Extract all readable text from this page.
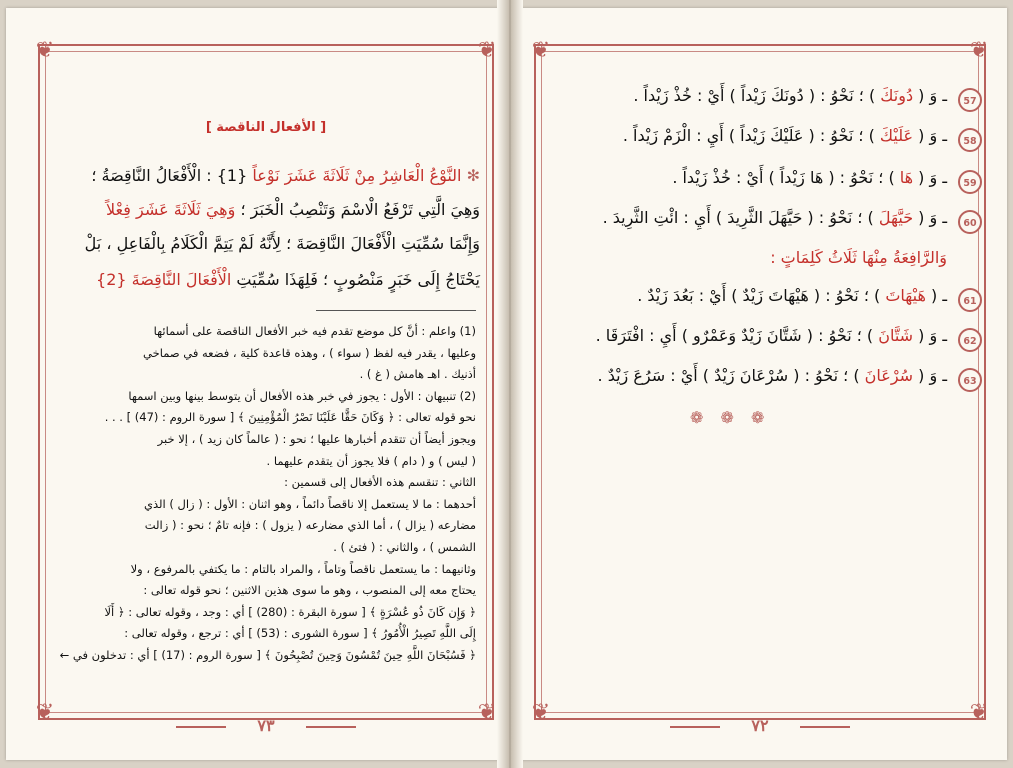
❦	❦
❦	❦
[ الأفعال الناقصة ]
✻ النَّوْعُ الْعَاشِرُ مِنْ ثَلَاثَةَ عَشَرَ نَوْعاً {1} : الْأَفْعَالُ النَّاقِصَةُ ؛
وَهِيَ الَّتِي تَرْفَعُ الْاسْمَ وَتَنْصِبُ الْخَبَرَ ؛ وَهِيَ ثَلَاثَةَ عَشَرَ فِعْلاً
وَإِنَّمَا سُمِّيَتِ الْأَفْعَالَ النَّاقِصَةَ ؛ لِأَنَّهُ لَمْ يَتِمَّ الْكَلَامُ بِالْفَاعِلِ ، بَلْ
يَحْتَاجُ إِلَى خَبَرٍ مَنْصُوبٍ ؛ فَلِهَذَا سُمِّيَتِ الْأَفْعَالَ النَّاقِصَةَ {2}
٧٣
(1) واعلم : أنَّ كل موضع تقدم فيه خبر الأفعال الناقصة على أسمائها
وعليها ، يقدر فيه لفظ ( سواء ) ، وهذه قاعدة كلية ، فضعه في صماخي
أذنيك . اهـ هامش ( غ ) .
(2) تنبيهان : الأول : يجوز في خبر هذه الأفعال أن يتوسط بينها وبين اسمها
نحو قوله تعالى : ﴿ وَكَانَ حَقًّا عَلَيْنَا نَصْرُ الْمُؤْمِنِينَ ﴾ [ سورة الروم : (47) ] . . .
ويجوز أيضاً أن تتقدم أخبارها عليها ؛ نحو : ( عالماً كان زيد ) ، إلا خبر
( ليس ) و ( دام ) فلا يجوز أن يتقدم عليهما .
الثاني : تنقسم هذه الأفعال إلى قسمين :
أحدهما : ما لا يستعمل إلا ناقصاً دائماً ، وهو اثنان : الأول : ( زال ) الذي
مضارعه ( يزال ) ، أما الذي مضارعه ( يزول ) : فإنه تامٌ ؛ نحو : ( زالت
الشمس ) ، والثاني : ( فتئ ) .
وثانيهما : ما يستعمل ناقصاً وتاماً ، والمراد بالتام : ما يكتفي بالمرفوع ، ولا
يحتاج معه إلى المنصوب ، وهو ما سوى هذين الاثنين ؛ نحو قوله تعالى :
﴿ وَإِن كَانَ ذُو عُسْرَةٍ ﴾ [ سورة البقرة : (280) ] أي : وجد ، وقوله تعالى : ﴿ أَلَا
إِلَى اللَّهِ تَصِيرُ الْأُمُورُ ﴾ [ سورة الشورى : (53) ] أي : ترجع ، وقوله تعالى :
﴿ فَسُبْحَانَ اللَّهِ حِينَ تُمْسُونَ وَحِينَ تُصْبِحُونَ ﴾ [ سورة الروم : (17) ] أي : تدخلون في ←
❦	❦
❦	❦
وَالرَّافِعَةُ مِنْهَا ثَلَاثُ كَلِمَاتٍ :
❁ ❁ ❁
٧٢
57
ـ وَ ( دُونَكَ ) ؛ نَحْوُ : ( دُونَكَ زَيْداً ) أَيْ : خُذْ زَيْداً .
58
ـ وَ ( عَلَيْكَ ) ؛ نَحْوُ : ( عَلَيْكَ زَيْداً ) أَيِ : الْزَمْ زَيْداً .
59
ـ وَ ( هَا ) ؛ نَحْوُ : ( هَا زَيْداً ) أَيْ : خُذْ زَيْداً .
60
ـ وَ ( حَيَّهَلَ ) ؛ نَحْوُ : ( حَيَّهَلَ الثَّرِيدَ ) أَيِ : ائْتِ الثَّرِيدَ .
61
ـ ( هَيْهَاتَ ) ؛ نَحْوُ : ( هَيْهَاتَ زَيْدٌ ) أَيْ : بَعُدَ زَيْدٌ .
62
ـ وَ ( شَتَّانَ ) ؛ نَحْوُ : ( شَتَّانَ زَيْدٌ وَعَمْرٌو ) أَيِ : افْتَرَقَا .
63
ـ وَ ( سُرْعَانَ ) ؛ نَحْوُ : ( سُرْعَانَ زَيْدٌ ) أَيْ : سَرُعَ زَيْدٌ .
